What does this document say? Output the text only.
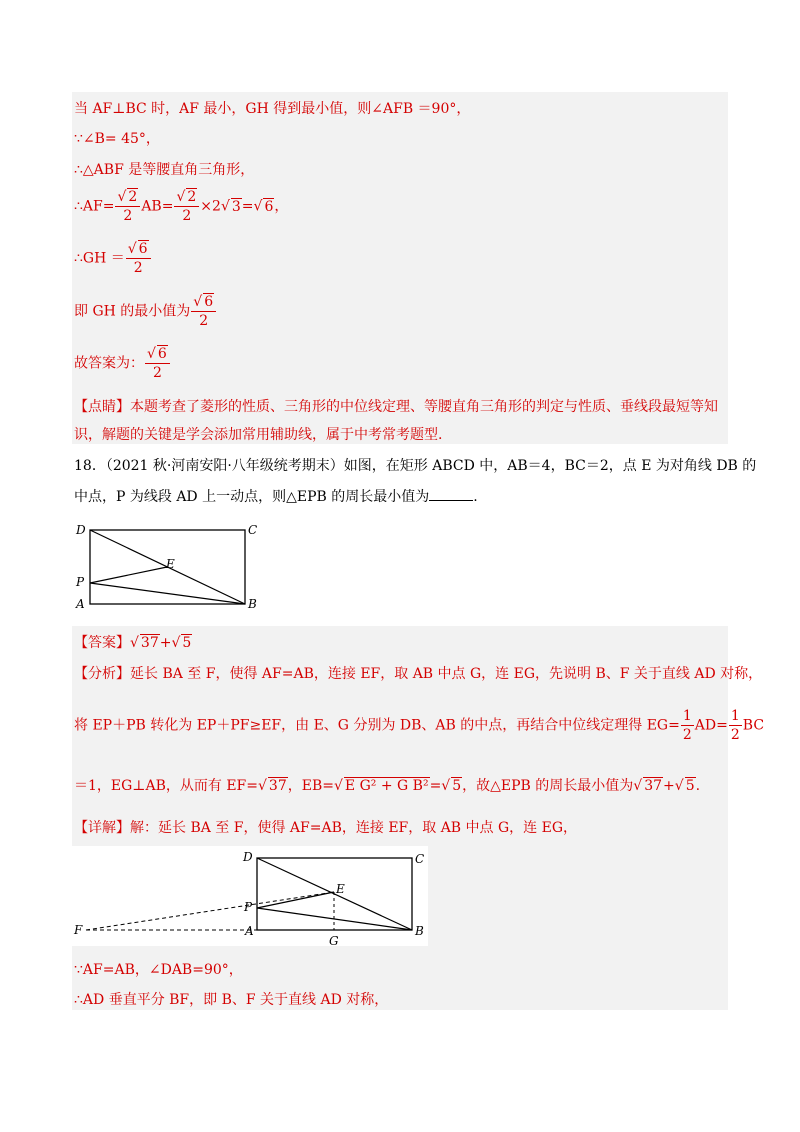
当 AF⊥BC 时，AF 最小，GH 得到最小值，则∠AFB ＝90°，
∵∠B= 45°，
∴△ABF 是等腰直角三角形，
∴AF= $\frac{√ 2}{2} AB= \frac{√ 2}{2} \times 2√$ 3=√ 6，
∴GH ＝ $\frac{√ 6}{2}$
即 GH 的最小值为 $\frac{√ 6}{2}$
故答案为： $\frac{√ 6}{2}$
【点睛】本题考查了菱形的性质、三角形的中位线定理、等腰直角三角形的判定与性质、垂线段最短等知
识，解题的关键是学会添加常用辅助线，属于中考常考题型.
18．（2021 秋·河南安阳·八年级统考期末）如图，在矩形 ABCD 中，AB＝4，BC＝2，点 E 为对角线 DB 的
中点，P 为线段 AD 上一动点，则△EPB 的周长最小值为	.
D	C
E
P
A	B
【答案】√ 37+√ 5
【分析】延长 BA 至 F，使得 AF=AB，连接 EF，取 AB 中点 G，连 EG，先说明 B、F 关于直线 AD 对称，
将 EP＋PB 转化为 EP＋PF≥EF，由 E、G 分别为 DB、AB 的中点，再结合中位线定理得 $EG= \frac{1}{2} AD= \frac{1}{2}$ BC
＝1，EG⊥AB，从而有 EF=√ 37，EB=√ E G² + G B²=√ 5，故△EPB 的周长最小值为√ 37+√ 5.
【详解】解：延长 BA 至 F，使得 AF=AB，连接 EF，取 AB 中点 G，连 EG，
D	C
E
P
F	A
G
B
∵AF=AB，∠DAB=90°，
∴AD 垂直平分 BF，即 B、F 关于直线 AD 对称，
